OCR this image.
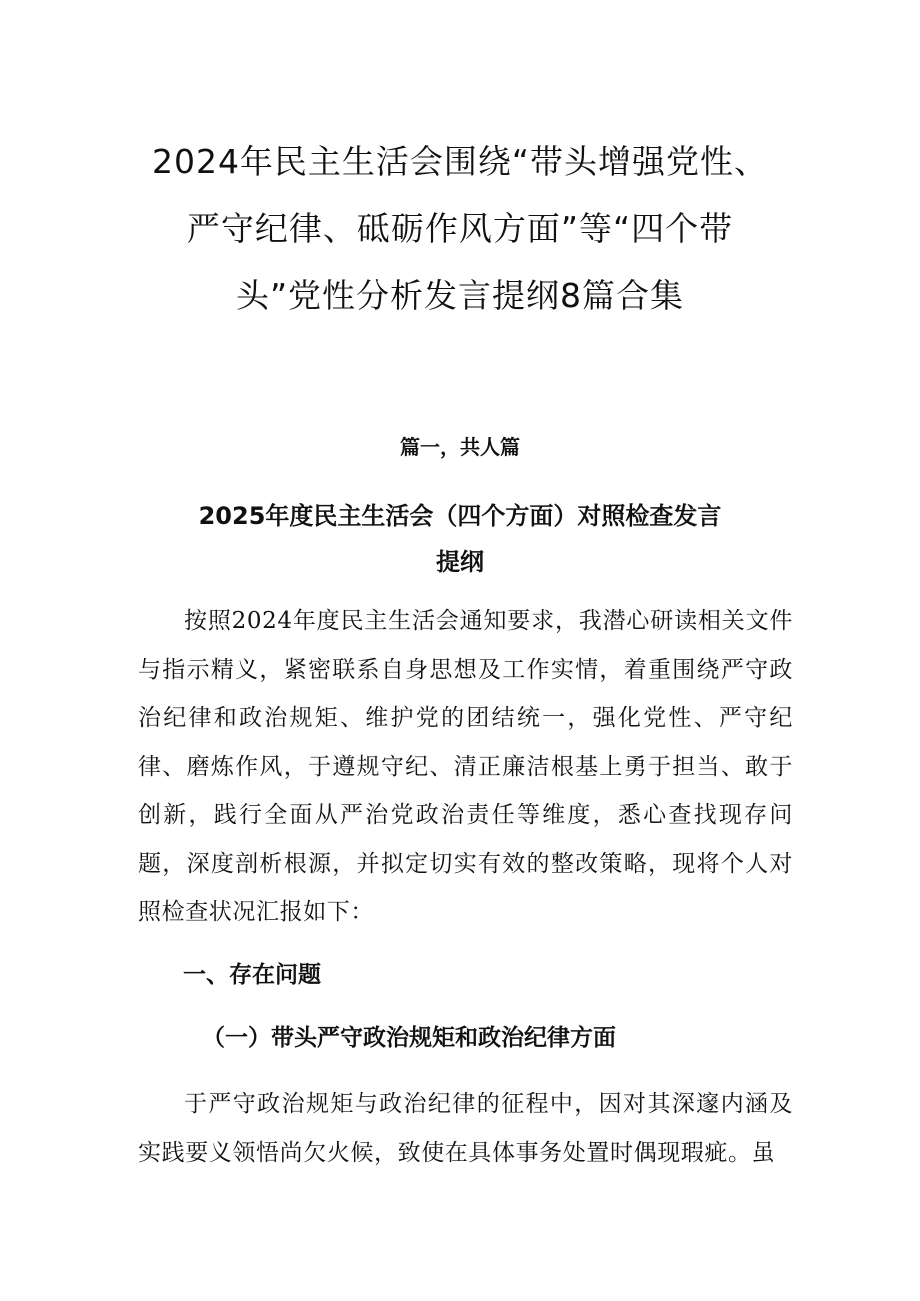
2024年民主生活会围绕“带头增强党性、
严守纪律、砥砺作风方面”等“四个带
头”党性分析发言提纲8篇合集
篇一，共人篇
2025年度民主生活会（四个方面）对照检查发言
提纲

按照2024年度民主生活会通知要求，我潜心研读相关文件与指示精义，紧密联系自身思想及工作实情，着重围绕严守政治纪律和政治规矩、维护党的团结统一，强化党性、严守纪律、磨炼作风，于遵规守纪、清正廉洁根基上勇于担当、敢于创新，践行全面从严治党政治责任等维度，悉心查找现存问题，深度剖析根源，并拟定切实有效的整改策略，现将个人对照检查状况汇报如下：

一、存在问题
（一）带头严守政治规矩和政治纪律方面

于严守政治规矩与政治纪律的征程中，因对其深邃内涵及实践要义领悟尚欠火候，致使在具体事务处置时偶现瑕疵。虽
